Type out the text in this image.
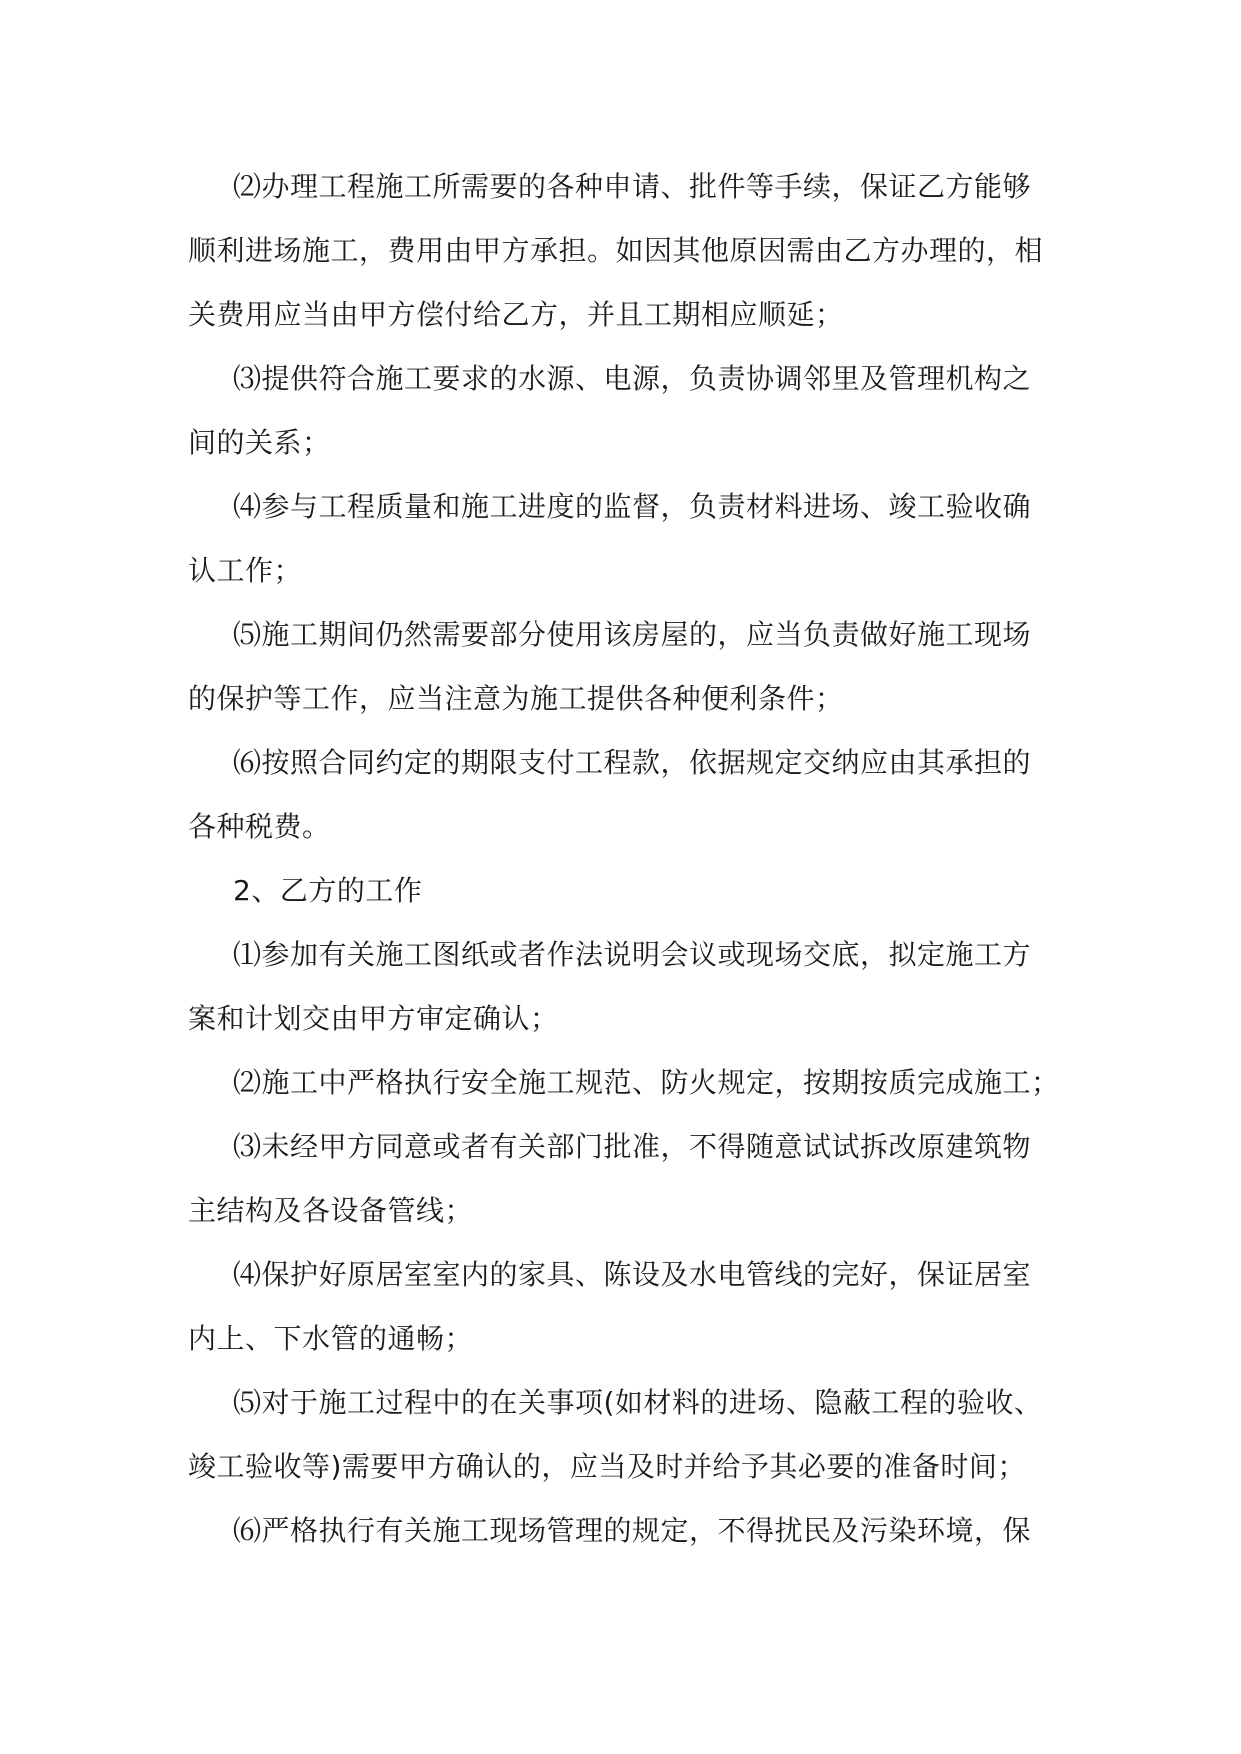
⑵办理工程施工所需要的各种申请、批件等手续，保证乙方能够
顺利进场施工，费用由甲方承担。如因其他原因需由乙方办理的，相
关费用应当由甲方偿付给乙方，并且工期相应顺延；
⑶提供符合施工要求的水源、电源，负责协调邻里及管理机构之
间的关系；
⑷参与工程质量和施工进度的监督，负责材料进场、竣工验收确
认工作；
⑸施工期间仍然需要部分使用该房屋的，应当负责做好施工现场
的保护等工作，应当注意为施工提供各种便利条件；
⑹按照合同约定的期限支付工程款，依据规定交纳应由其承担的
各种税费。
2、乙方的工作
⑴参加有关施工图纸或者作法说明会议或现场交底，拟定施工方
案和计划交由甲方审定确认；
⑵施工中严格执行安全施工规范、防火规定，按期按质完成施工；
⑶未经甲方同意或者有关部门批准，不得随意试试拆改原建筑物
主结构及各设备管线；
⑷保护好原居室室内的家具、陈设及水电管线的完好，保证居室
内上、下水管的通畅；
⑸对于施工过程中的在关事项(如材料的进场、隐蔽工程的验收、
竣工验收等)需要甲方确认的，应当及时并给予其必要的准备时间；
⑹严格执行有关施工现场管理的规定，不得扰民及污染环境，保
